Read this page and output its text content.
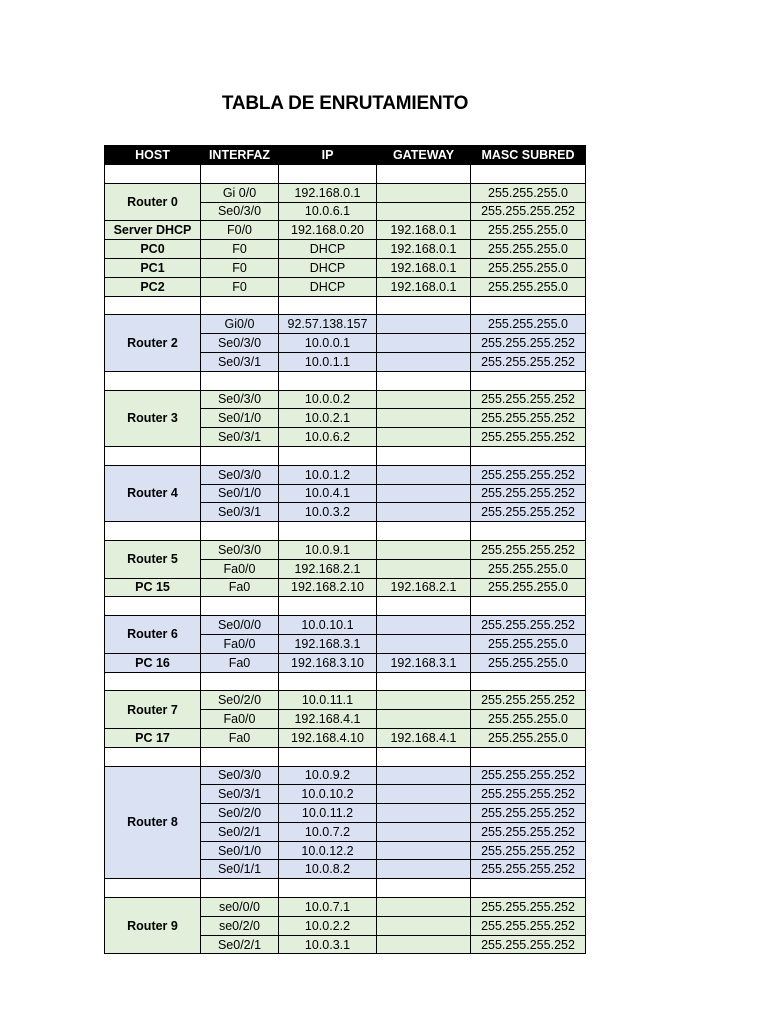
TABLA DE ENRUTAMIENTO
HOST	INTERFAZ	IP	GATEWAY	MASC SUBRED

Router 0	Gi 0/0	192.168.0.1		255.255.255.0
	Se0/3/0	10.0.6.1		255.255.255.252
Server DHCP	F0/0	192.168.0.20	192.168.0.1	255.255.255.0
PC0	F0	DHCP	192.168.0.1	255.255.255.0
PC1	F0	DHCP	192.168.0.1	255.255.255.0
PC2	F0	DHCP	192.168.0.1	255.255.255.0

Router 2	Gi0/0	92.57.138.157		255.255.255.0
	Se0/3/0	10.0.0.1		255.255.255.252
	Se0/3/1	10.0.1.1		255.255.255.252

Router 3	Se0/3/0	10.0.0.2		255.255.255.252
	Se0/1/0	10.0.2.1		255.255.255.252
	Se0/3/1	10.0.6.2		255.255.255.252

Router 4	Se0/3/0	10.0.1.2		255.255.255.252
	Se0/1/0	10.0.4.1		255.255.255.252
	Se0/3/1	10.0.3.2		255.255.255.252

Router 5	Se0/3/0	10.0.9.1		255.255.255.252
	Fa0/0	192.168.2.1		255.255.255.0
PC 15	Fa0	192.168.2.10	192.168.2.1	255.255.255.0

Router 6	Se0/0/0	10.0.10.1		255.255.255.252
	Fa0/0	192.168.3.1		255.255.255.0
PC 16	Fa0	192.168.3.10	192.168.3.1	255.255.255.0

Router 7	Se0/2/0	10.0.11.1		255.255.255.252
	Fa0/0	192.168.4.1		255.255.255.0
PC 17	Fa0	192.168.4.10	192.168.4.1	255.255.255.0

Router 8	Se0/3/0	10.0.9.2		255.255.255.252
	Se0/3/1	10.0.10.2		255.255.255.252
	Se0/2/0	10.0.11.2		255.255.255.252
	Se0/2/1	10.0.7.2		255.255.255.252
	Se0/1/0	10.0.12.2		255.255.255.252
	Se0/1/1	10.0.8.2		255.255.255.252

Router 9	se0/0/0	10.0.7.1		255.255.255.252
	se0/2/0	10.0.2.2		255.255.255.252
	Se0/2/1	10.0.3.1		255.255.255.252
